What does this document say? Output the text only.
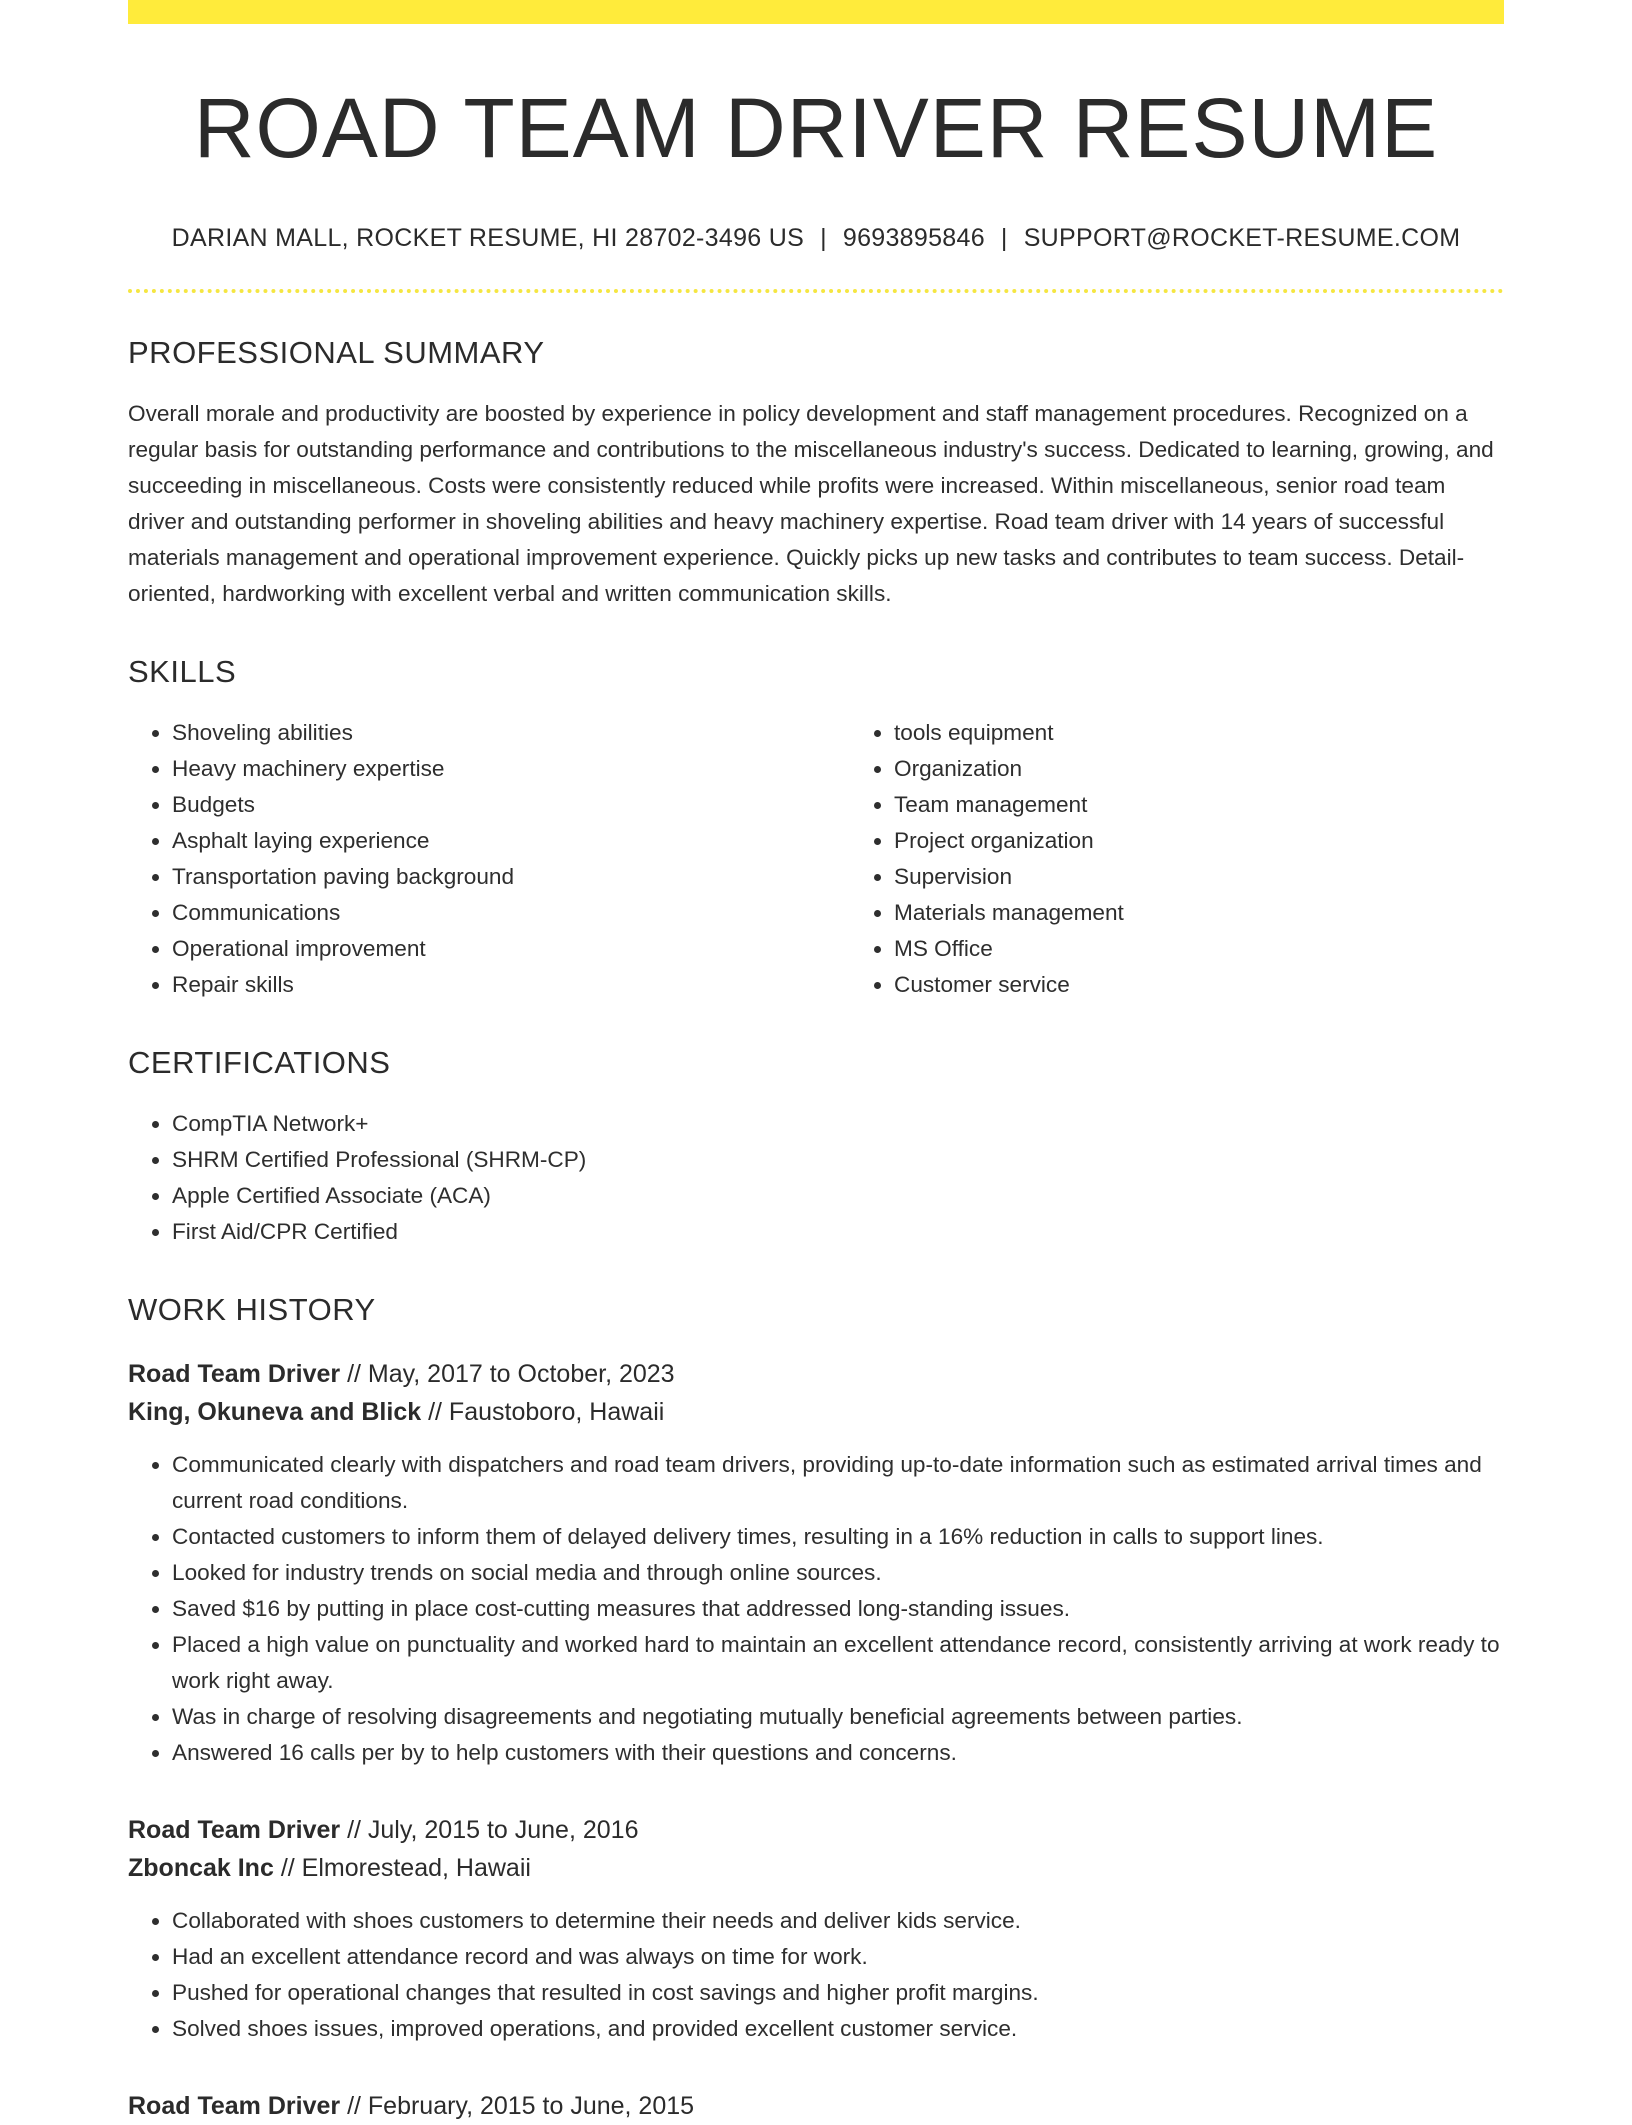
ROAD TEAM DRIVER RESUME
DARIAN MALL, ROCKET RESUME, HI 28702-3496 US | 9693895846 | SUPPORT@ROCKET-RESUME.COM
PROFESSIONAL SUMMARY

Overall morale and productivity are boosted by experience in policy development and staff management procedures. Recognized on a regular basis for outstanding performance and contributions to the miscellaneous industry's success. Dedicated to learning, growing, and succeeding in miscellaneous. Costs were consistently reduced while profits were increased. Within miscellaneous, senior road team driver and outstanding performer in shoveling abilities and heavy machinery expertise. Road team driver with 14 years of successful materials management and operational improvement experience. Quickly picks up new tasks and contributes to team success. Detail-oriented, hardworking with excellent verbal and written communication skills.

SKILLS
• Shoveling abilities
• Heavy machinery expertise
• Budgets
• Asphalt laying experience
• Transportation paving background
• Communications
• Operational improvement
• Repair skills
• tools equipment
• Organization
• Team management
• Project organization
• Supervision
• Materials management
• MS Office
• Customer service
CERTIFICATIONS
• CompTIA Network+
• SHRM Certified Professional (SHRM-CP)
• Apple Certified Associate (ACA)
• First Aid/CPR Certified
WORK HISTORY
Road Team Driver // May, 2017 to October, 2023
King, Okuneva and Blick // Faustoboro, Hawaii
• Communicated clearly with dispatchers and road team drivers, providing up-to-date information such as estimated arrival times and current road conditions.
• Contacted customers to inform them of delayed delivery times, resulting in a 16% reduction in calls to support lines.
• Looked for industry trends on social media and through online sources.
• Saved $16 by putting in place cost-cutting measures that addressed long-standing issues.
• Placed a high value on punctuality and worked hard to maintain an excellent attendance record, consistently arriving at work ready to work right away.
• Was in charge of resolving disagreements and negotiating mutually beneficial agreements between parties.
• Answered 16 calls per by to help customers with their questions and concerns.
Road Team Driver // July, 2015 to June, 2016
Zboncak Inc // Elmorestead, Hawaii
• Collaborated with shoes customers to determine their needs and deliver kids service.
• Had an excellent attendance record and was always on time for work.
• Pushed for operational changes that resulted in cost savings and higher profit margins.
• Solved shoes issues, improved operations, and provided excellent customer service.
Road Team Driver // February, 2015 to June, 2015
